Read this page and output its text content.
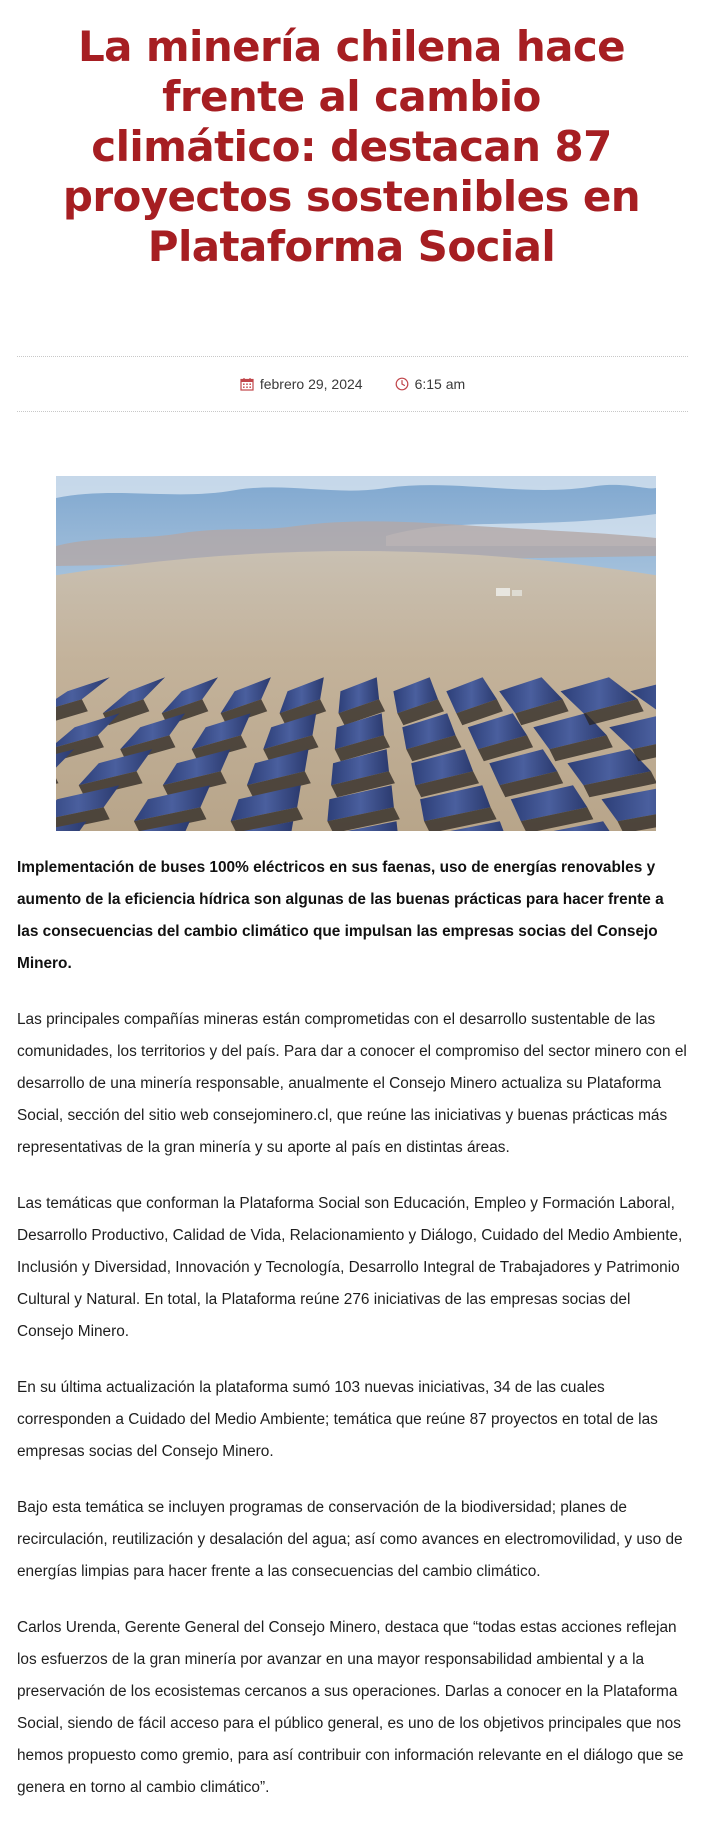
La minería chilena hace frente al cambio climático: destacan 87 proyectos sostenibles en Plataforma Social
febrero 29, 2024	6:15 am

Implementación de buses 100% eléctricos en sus faenas, uso de energías renovables y aumento de la eficiencia hídrica son algunas de las buenas prácticas para hacer frente a las consecuencias del cambio climático que impulsan las empresas socias del Consejo Minero.

Las principales compañías mineras están comprometidas con el desarrollo sustentable de las comunidades, los territorios y del país. Para dar a conocer el compromiso del sector minero con el desarrollo de una minería responsable, anualmente el Consejo Minero actualiza su Plataforma Social, sección del sitio web consejominero.cl, que reúne las iniciativas y buenas prácticas más representativas de la gran minería y su aporte al país en distintas áreas.

Las temáticas que conforman la Plataforma Social son Educación, Empleo y Formación Laboral, Desarrollo Productivo, Calidad de Vida, Relacionamiento y Diálogo, Cuidado del Medio Ambiente, Inclusión y Diversidad, Innovación y Tecnología, Desarrollo Integral de Trabajadores y Patrimonio Cultural y Natural. En total, la Plataforma reúne 276 iniciativas de las empresas socias del Consejo Minero.

En su última actualización la plataforma sumó 103 nuevas iniciativas, 34 de las cuales corresponden a Cuidado del Medio Ambiente; temática que reúne 87 proyectos en total de las empresas socias del Consejo Minero.

Bajo esta temática se incluyen programas de conservación de la biodiversidad; planes de recirculación, reutilización y desalación del agua; así como avances en electromovilidad, y uso de energías limpias para hacer frente a las consecuencias del cambio climático.

Carlos Urenda, Gerente General del Consejo Minero, destaca que “todas estas acciones reflejan los esfuerzos de la gran minería por avanzar en una mayor responsabilidad ambiental y a la preservación de los ecosistemas cercanos a sus operaciones. Darlas a conocer en la Plataforma Social, siendo de fácil acceso para el público general, es uno de los objetivos principales que nos hemos propuesto como gremio, para así contribuir con información relevante en el diálogo que se genera en torno al cambio climático”.
